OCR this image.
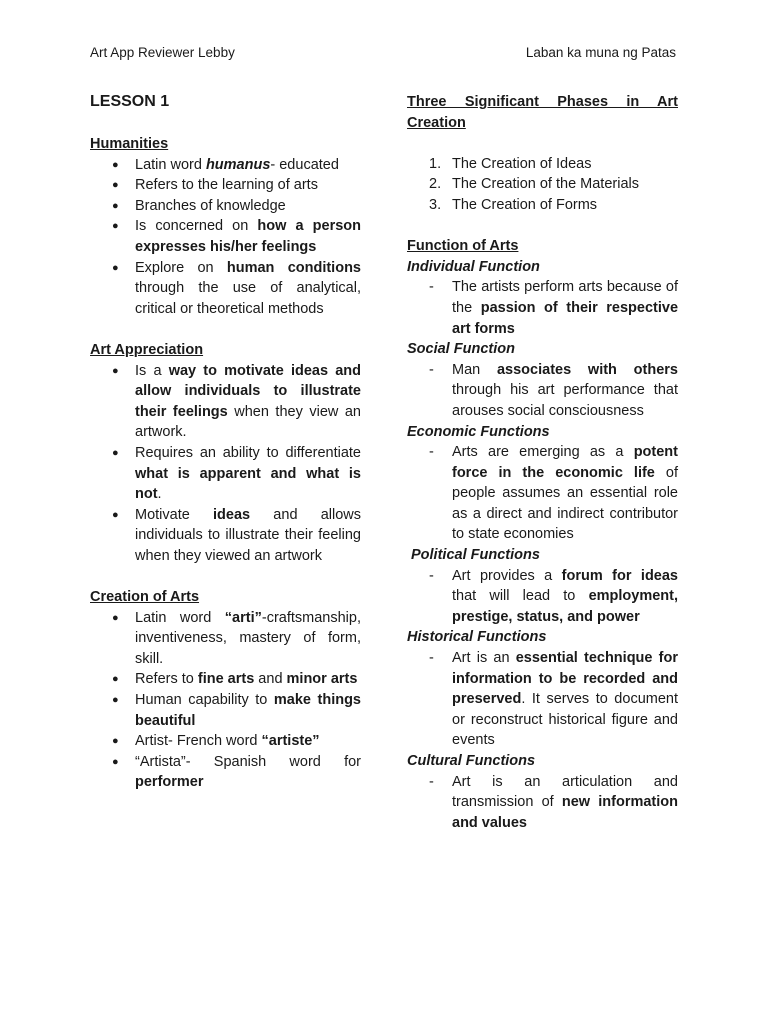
Art App Reviewer Lebby	Laban ka muna ng Patas
LESSON 1
Humanities
● Latin word humanus- educated
● Refers to the learning of arts
● Branches of knowledge
● Is concerned on how a person expresses his/her feelings
● Explore on human conditions through the use of analytical, critical or theoretical methods
Art Appreciation
● Is a way to motivate ideas and allow individuals to illustrate their feelings when they view an artwork.
● Requires an ability to differentiate what is apparent and what is not.
● Motivate ideas and allows individuals to illustrate their feeling when they viewed an artwork
Creation of Arts
● Latin word “arti”-craftsmanship, inventiveness, mastery of form, skill.
● Refers to fine arts and minor arts
● Human capability to make things beautiful
● Artist- French word “artiste”
● “Artista”- Spanish word for performer
Three Significant Phases in Art Creation
1. The Creation of Ideas
2. The Creation of the Materials
3. The Creation of Forms
Function of Arts
Individual Function
- The artists perform arts because of the passion of their respective art forms
Social Function
- Man associates with others through his art performance that arouses social consciousness
Economic Functions
- Arts are emerging as a potent force in the economic life of people assumes an essential role as a direct and indirect contributor to state economies
Political Functions
- Art provides a forum for ideas that will lead to employment, prestige, status, and power
Historical Functions
- Art is an essential technique for information to be recorded and preserved. It serves to document or reconstruct historical figure and events
Cultural Functions
- Art is an articulation and transmission of new information and values
